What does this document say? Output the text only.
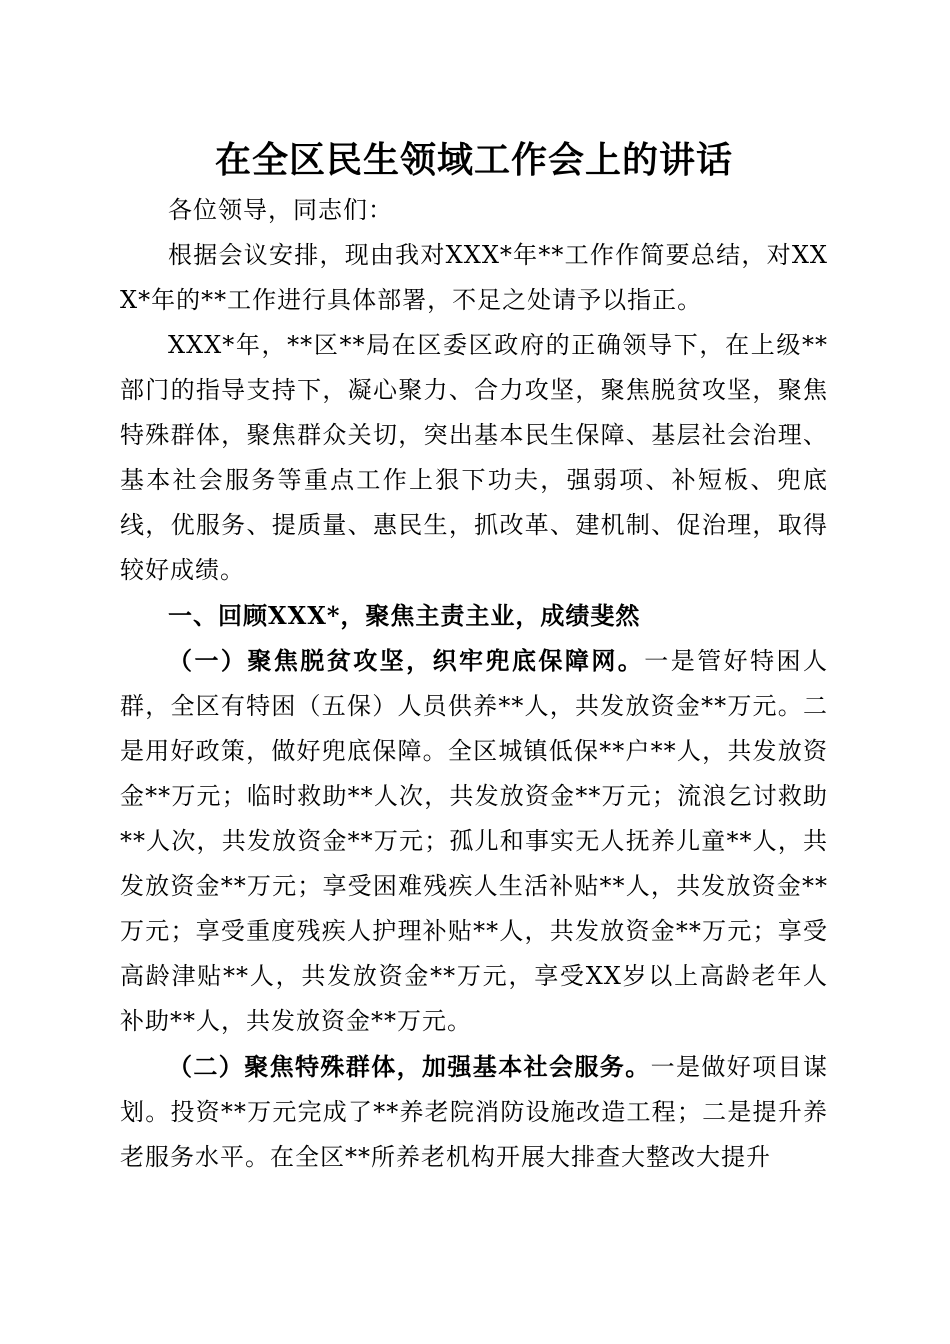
在全区民生领域工作会上的讲话

各位领导，同志们：

根据会议安排，现由我对XXX*年**工作作简要总结，对XXX*年的**工作进行具体部署，不足之处请予以指正。

XXX*年，**区**局在区委区政府的正确领导下，在上级**部门的指导支持下，凝心聚力、合力攻坚，聚焦脱贫攻坚，聚焦特殊群体，聚焦群众关切，突出基本民生保障、基层社会治理、基本社会服务等重点工作上狠下功夫，强弱项、补短板、兜底线，优服务、提质量、惠民生，抓改革、建机制、促治理，取得较好成绩。

一、回顾XXX*，聚焦主责主业，成绩斐然

（一）聚焦脱贫攻坚，织牢兜底保障网。一是管好特困人群，全区有特困（五保）人员供养**人，共发放资金**万元。二是用好政策，做好兜底保障。全区城镇低保**户**人，共发放资金**万元；临时救助**人次，共发放资金**万元；流浪乞讨救助**人次，共发放资金**万元；孤儿和事实无人抚养儿童**人，共发放资金**万元；享受困难残疾人生活补贴**人，共发放资金**万元；享受重度残疾人护理补贴**人，共发放资金**万元；享受高龄津贴**人，共发放资金**万元，享受XX岁以上高龄老年人补助**人，共发放资金**万元。

（二）聚焦特殊群体，加强基本社会服务。一是做好项目谋划。投资**万元完成了**养老院消防设施改造工程；二是提升养老服务水平。在全区**所养老机构开展大排查大整改大提升
